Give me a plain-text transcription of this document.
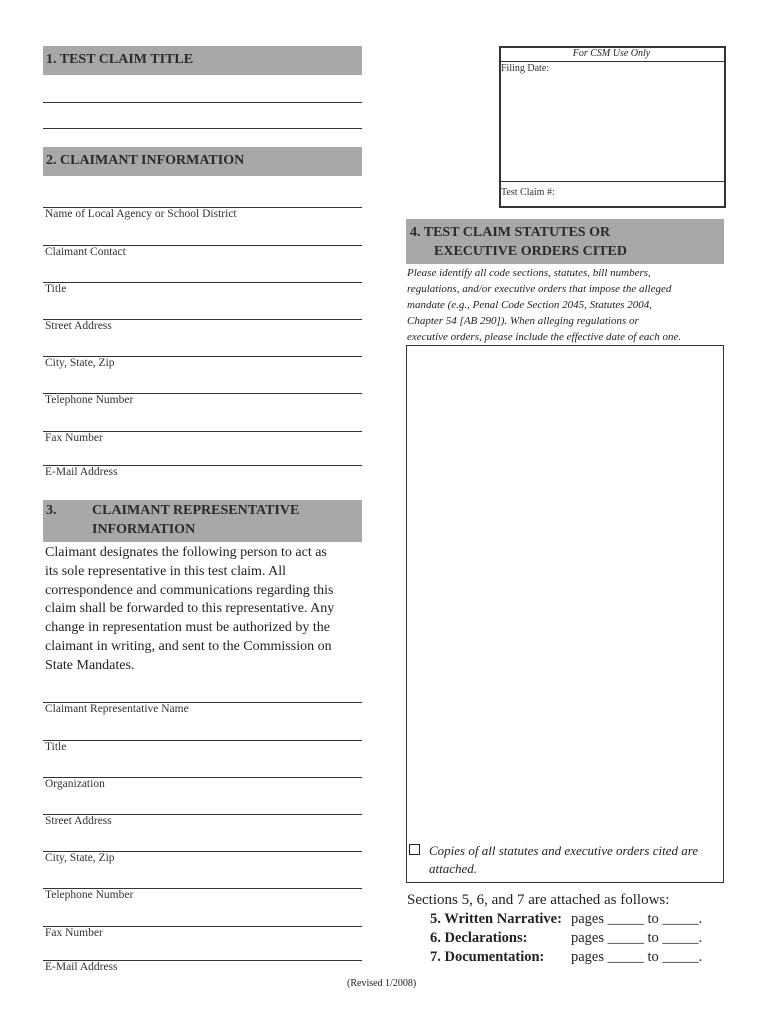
1. TEST CLAIM TITLE
2. CLAIMANT INFORMATION
Name of Local Agency or School District
Claimant Contact
Title
Street Address
City, State, Zip
Telephone Number
Fax Number
E-Mail Address
3.	CLAIMANT REPRESENTATIVE
INFORMATION
Claimant designates the following person to act as
its sole representative in this test claim. All
correspondence and communications regarding this
claim shall be forwarded to this representative. Any
change in representation must be authorized by the
claimant in writing, and sent to the Commission on
State Mandates.
Claimant Representative Name
Title
Organization
Street Address
City, State, Zip
Telephone Number
Fax Number
E-Mail Address
For CSM Use Only
Filing Date:
Test Claim #:
4. TEST CLAIM STATUTES OR
EXECUTIVE ORDERS CITED
Please identify all code sections, statutes, bill numbers,
regulations, and/or executive orders that impose the alleged
mandate (e.g., Penal Code Section 2045, Statutes 2004,
Chapter 54 [AB 290]). When alleging regulations or
executive orders, please include the effective date of each one.
Copies of all statutes and executive orders cited are
attached.
Sections 5, 6, and 7 are attached as follows:
5. Written Narrative: pages _____ to _____.
6. Declarations:	pages _____ to _____.
7. Documentation: pages _____ to _____.
(Revised 1/2008)
